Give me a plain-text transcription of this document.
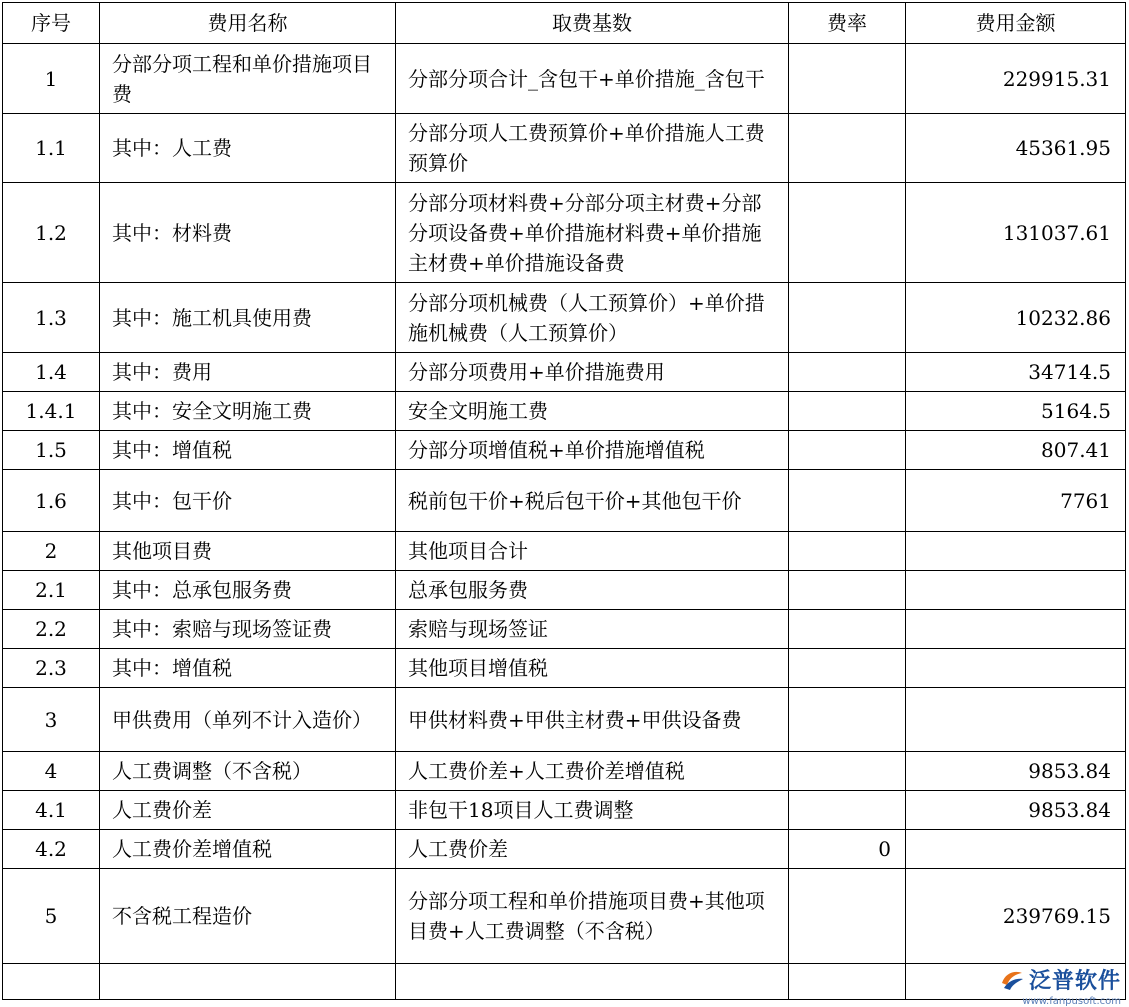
序号	费用名称	取费基数	费率	费用金额
1	分部分项工程和单价措施项目费	分部分项合计_含包干+单价措施_含包干		229915.31
1.1	其中：人工费	分部分项人工费预算价+单价措施人工费预算价		45361.95
1.2	其中：材料费	分部分项材料费+分部分项主材费+分部分项设备费+单价措施材料费+单价措施主材费+单价措施设备费		131037.61
1.3	其中：施工机具使用费	分部分项机械费（人工预算价）+单价措施机械费（人工预算价）		10232.86
1.4	其中：费用	分部分项费用+单价措施费用		34714.5
1.4.1	其中：安全文明施工费	安全文明施工费		5164.5
1.5	其中：增值税	分部分项增值税+单价措施增值税		807.41
1.6	其中：包干价	税前包干价+税后包干价+其他包干价		7761
2	其他项目费	其他项目合计		
2.1	其中：总承包服务费	总承包服务费		
2.2	其中：索赔与现场签证费	索赔与现场签证		
2.3	其中：增值税	其他项目增值税		
3	甲供费用（单列不计入造价）	甲供材料费+甲供主材费+甲供设备费		
4	人工费调整（不含税）	人工费价差+人工费价差增值税		9853.84
4.1	人工费价差	非包干18项目人工费调整		9853.84
4.2	人工费价差增值税	人工费价差	0	
5	不含税工程造价	分部分项工程和单价措施项目费+其他项目费+人工费调整（不含税）		239769.15

泛普软件
www.fanpusoft.com
